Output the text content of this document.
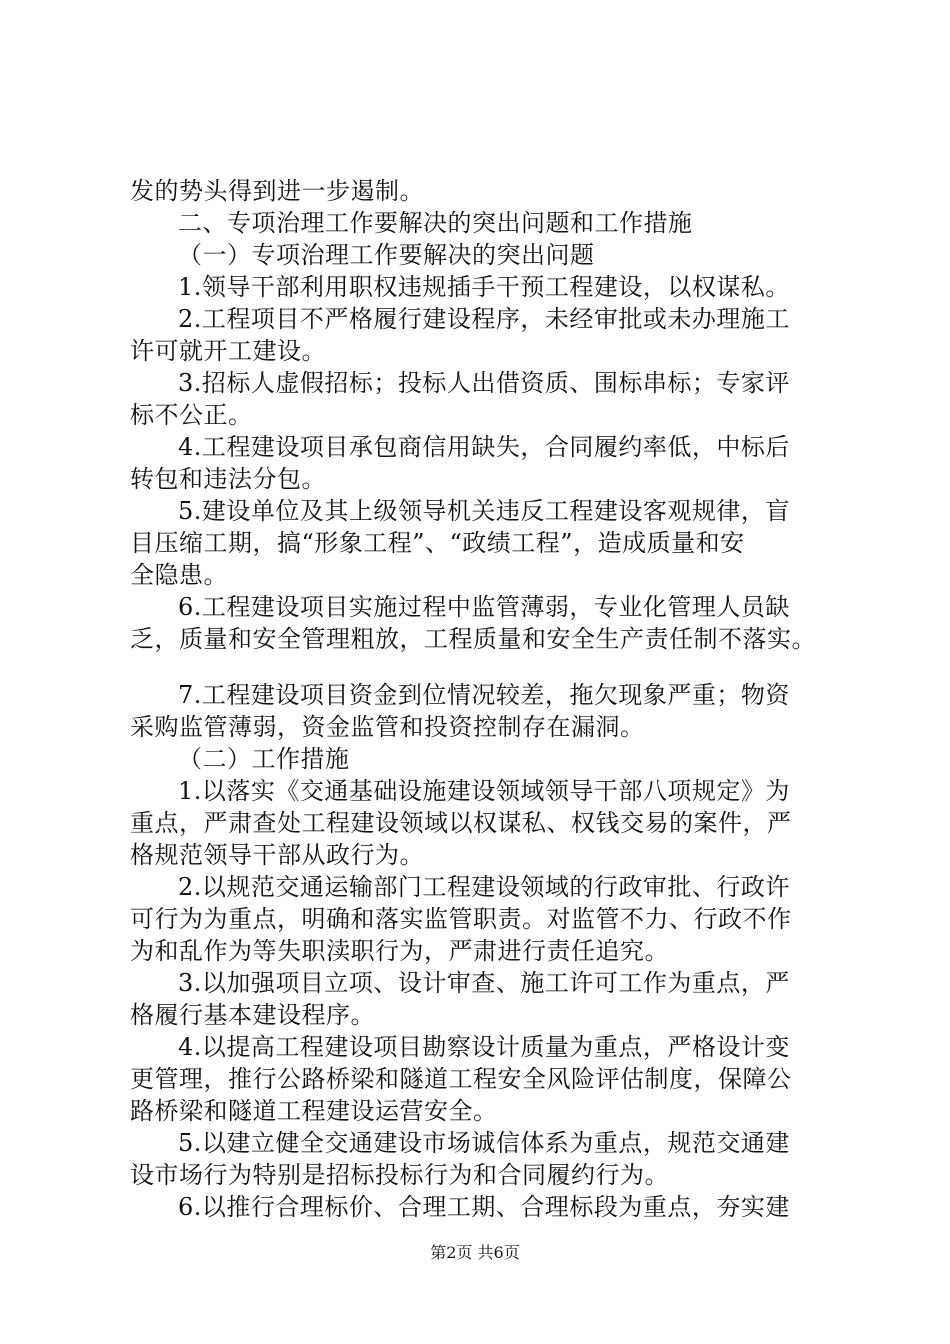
发的势头得到进一步遏制。
二、专项治理工作要解决的突出问题和工作措施
（一）专项治理工作要解决的突出问题
1.领导干部利用职权违规插手干预工程建设，以权谋私。
2.工程项目不严格履行建设程序，未经审批或未办理施工
许可就开工建设。
3.招标人虚假招标；投标人出借资质、围标串标；专家评
标不公正。
4.工程建设项目承包商信用缺失，合同履约率低，中标后
转包和违法分包。
5.建设单位及其上级领导机关违反工程建设客观规律，盲
目压缩工期，搞“形象工程”、“政绩工程”，造成质量和安
全隐患。
6.工程建设项目实施过程中监管薄弱，专业化管理人员缺
乏，质量和安全管理粗放，工程质量和安全生产责任制不落实。
7.工程建设项目资金到位情况较差，拖欠现象严重；物资
采购监管薄弱，资金监管和投资控制存在漏洞。
（二）工作措施
1.以落实《交通基础设施建设领域领导干部八项规定》为
重点，严肃查处工程建设领域以权谋私、权钱交易的案件，严
格规范领导干部从政行为。
2.以规范交通运输部门工程建设领域的行政审批、行政许
可行为为重点，明确和落实监管职责。对监管不力、行政不作
为和乱作为等失职渎职行为，严肃进行责任追究。
3.以加强项目立项、设计审查、施工许可工作为重点，严
格履行基本建设程序。
4.以提高工程建设项目勘察设计质量为重点，严格设计变
更管理，推行公路桥梁和隧道工程安全风险评估制度，保障公
路桥梁和隧道工程建设运营安全。
5.以建立健全交通建设市场诚信体系为重点，规范交通建
设市场行为特别是招标投标行为和合同履约行为。
6.以推行合理标价、合理工期、合理标段为重点，夯实建
第2页 共6页
